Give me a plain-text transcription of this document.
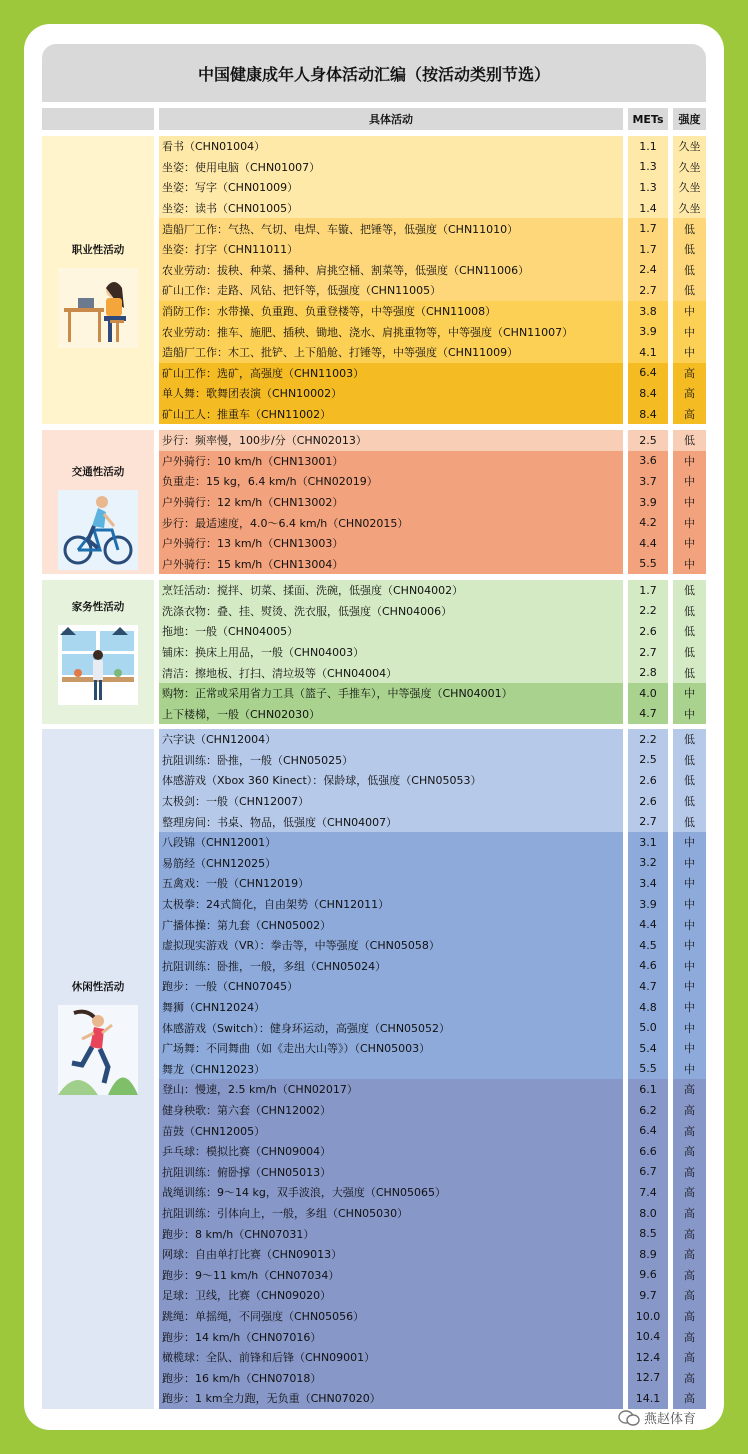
中国健康成年人身体活动汇编（按活动类别节选）
具体活动	METs	强度
职业性活动
看书（CHN01004）	1.1	久坐
坐姿：使用电脑（CHN01007）	1.3	久坐
坐姿：写字（CHN01009）	1.3	久坐
坐姿：读书（CHN01005）	1.4	久坐
造船厂工作：气热、气切、电焊、车镟、把锤等，低强度（CHN11010）	1.7	低
坐姿：打字（CHN11011）	1.7	低
农业劳动：拔秧、种菜、播种、肩挑空桶、割菜等，低强度（CHN11006）	2.4	低
矿山工作：走路、风钻、把钎等，低强度（CHN11005）	2.7	低
消防工作：水带操、负重跑、负重登楼等，中等强度（CHN11008）	3.8	中
农业劳动：推车、施肥、插秧、锄地、浇水、肩挑重物等，中等强度（CHN11007）	3.9	中
造船厂工作：木工、批铲、上下船舱、打锤等，中等强度（CHN11009）	4.1	中
矿山工作：选矿，高强度（CHN11003）	6.4	高
单人舞：歌舞团表演（CHN10002）	8.4	高
矿山工人：推重车（CHN11002）	8.4	高
交通性活动
步行：频率慢，100步/分（CHN02013）	2.5	低
户外骑行：10 km/h（CHN13001）	3.6	中
负重走：15 kg，6.4 km/h（CHN02019）	3.7	中
户外骑行：12 km/h（CHN13002）	3.9	中
步行：最适速度，4.0～6.4 km/h（CHN02015）	4.2	中
户外骑行：13 km/h（CHN13003）	4.4	中
户外骑行：15 km/h（CHN13004）	5.5	中
家务性活动
烹饪活动：搅拌、切菜、揉面、洗碗，低强度（CHN04002）	1.7	低
洗涤衣物：叠、挂、熨烫、洗衣服，低强度（CHN04006）	2.2	低
拖地：一般（CHN04005）	2.6	低
铺床：换床上用品，一般（CHN04003）	2.7	低
清洁：擦地板、打扫、清垃圾等（CHN04004）	2.8	低
购物：正常或采用省力工具（篮子、手推车），中等强度（CHN04001）	4.0	中
上下楼梯，一般（CHN02030）	4.7	中
休闲性活动
六字诀（CHN12004）	2.2	低
抗阻训练：卧推，一般（CHN05025）	2.5	低
体感游戏（Xbox 360 Kinect）：保龄球，低强度（CHN05053）	2.6	低
太极剑：一般（CHN12007）	2.6	低
整理房间：书桌、物品，低强度（CHN04007）	2.7	低
八段锦（CHN12001）	3.1	中
易筋经（CHN12025）	3.2	中
五禽戏：一般（CHN12019）	3.4	中
太极拳：24式简化，自由架势（CHN12011）	3.9	中
广播体操：第九套（CHN05002）	4.4	中
虚拟现实游戏（VR）：拳击等，中等强度（CHN05058）	4.5	中
抗阻训练：卧推，一般，多组（CHN05024）	4.6	中
跑步：一般（CHN07045）	4.7	中
舞狮（CHN12024）	4.8	中
体感游戏（Switch）：健身环运动，高强度（CHN05052）	5.0	中
广场舞：不同舞曲（如《走出大山等》）（CHN05003）	5.4	中
舞龙（CHN12023）	5.5	中
登山：慢速，2.5 km/h（CHN02017）	6.1	高
健身秧歌：第六套（CHN12002）	6.2	高
苗鼓（CHN12005）	6.4	高
乒乓球：模拟比赛（CHN09004）	6.6	高
抗阻训练：俯卧撑（CHN05013）	6.7	高
战绳训练：9～14 kg，双手波浪，大强度（CHN05065）	7.4	高
抗阻训练：引体向上，一般，多组（CHN05030）	8.0	高
跑步：8 km/h（CHN07031）	8.5	高
网球：自由单打比赛（CHN09013）	8.9	高
跑步：9～11 km/h（CHN07034）	9.6	高
足球：卫线，比赛（CHN09020）	9.7	高
跳绳：单摇绳，不同强度（CHN05056）	10.0	高
跑步：14 km/h（CHN07016）	10.4	高
橄榄球：全队、前锋和后锋（CHN09001）	12.4	高
跑步：16 km/h（CHN07018）	12.7	高
跑步：1 km全力跑，无负重（CHN07020）	14.1	高
燕赵体育
